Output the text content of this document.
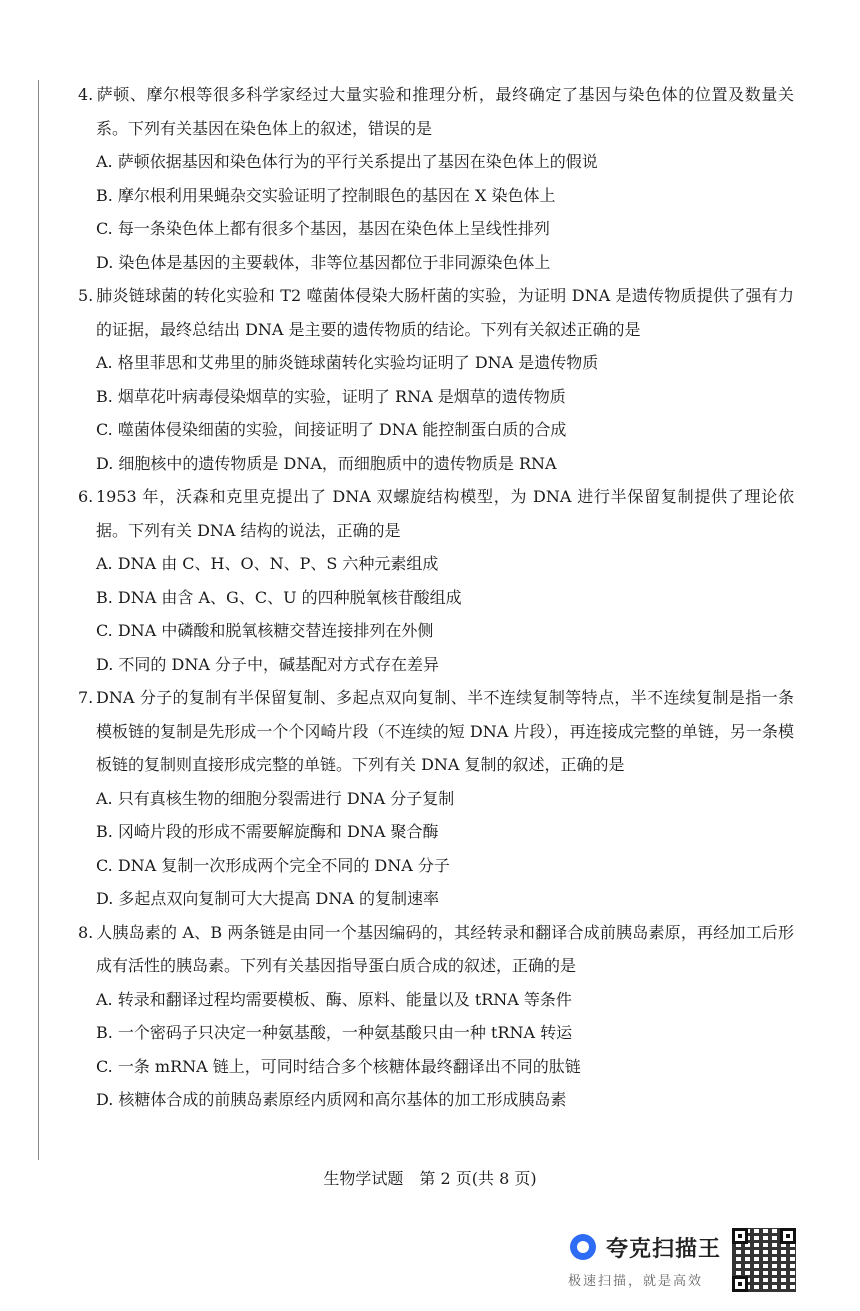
4. 萨顿、摩尔根等很多科学家经过大量实验和推理分析，最终确定了基因与染色体的位置及数量关系。下列有关基因在染色体上的叙述，错误的是

A. 萨顿依据基因和染色体行为的平行关系提出了基因在染色体上的假说

B. 摩尔根利用果蝇杂交实验证明了控制眼色的基因在 X 染色体上

C. 每一条染色体上都有很多个基因，基因在染色体上呈线性排列

D. 染色体是基因的主要载体，非等位基因都位于非同源染色体上

5. 肺炎链球菌的转化实验和 T2 噬菌体侵染大肠杆菌的实验，为证明 DNA 是遗传物质提供了强有力的证据，最终总结出 DNA 是主要的遗传物质的结论。下列有关叙述正确的是

A. 格里菲思和艾弗里的肺炎链球菌转化实验均证明了 DNA 是遗传物质

B. 烟草花叶病毒侵染烟草的实验，证明了 RNA 是烟草的遗传物质

C. 噬菌体侵染细菌的实验，间接证明了 DNA 能控制蛋白质的合成

D. 细胞核中的遗传物质是 DNA，而细胞质中的遗传物质是 RNA

6. 1953 年，沃森和克里克提出了 DNA 双螺旋结构模型，为 DNA 进行半保留复制提供了理论依据。下列有关 DNA 结构的说法，正确的是

A. DNA 由 C、H、O、N、P、S 六种元素组成

B. DNA 由含 A、G、C、U 的四种脱氧核苷酸组成

C. DNA 中磷酸和脱氧核糖交替连接排列在外侧

D. 不同的 DNA 分子中，碱基配对方式存在差异

7. DNA 分子的复制有半保留复制、多起点双向复制、半不连续复制等特点，半不连续复制是指一条模板链的复制是先形成一个个冈崎片段（不连续的短 DNA 片段），再连接成完整的单链，另一条模板链的复制则直接形成完整的单链。下列有关 DNA 复制的叙述，正确的是

A. 只有真核生物的细胞分裂需进行 DNA 分子复制

B. 冈崎片段的形成不需要解旋酶和 DNA 聚合酶

C. DNA 复制一次形成两个完全不同的 DNA 分子

D. 多起点双向复制可大大提高 DNA 的复制速率

8. 人胰岛素的 A、B 两条链是由同一个基因编码的，其经转录和翻译合成前胰岛素原，再经加工后形成有活性的胰岛素。下列有关基因指导蛋白质合成的叙述，正确的是

A. 转录和翻译过程均需要模板、酶、原料、能量以及 tRNA 等条件

B. 一个密码子只决定一种氨基酸，一种氨基酸只由一种 tRNA 转运

C. 一条 mRNA 链上，可同时结合多个核糖体最终翻译出不同的肽链

D. 核糖体合成的前胰岛素原经内质网和高尔基体的加工形成胰岛素

生物学试题 第 2 页(共 8 页)
夸克扫描王
极速扫描，就是高效
